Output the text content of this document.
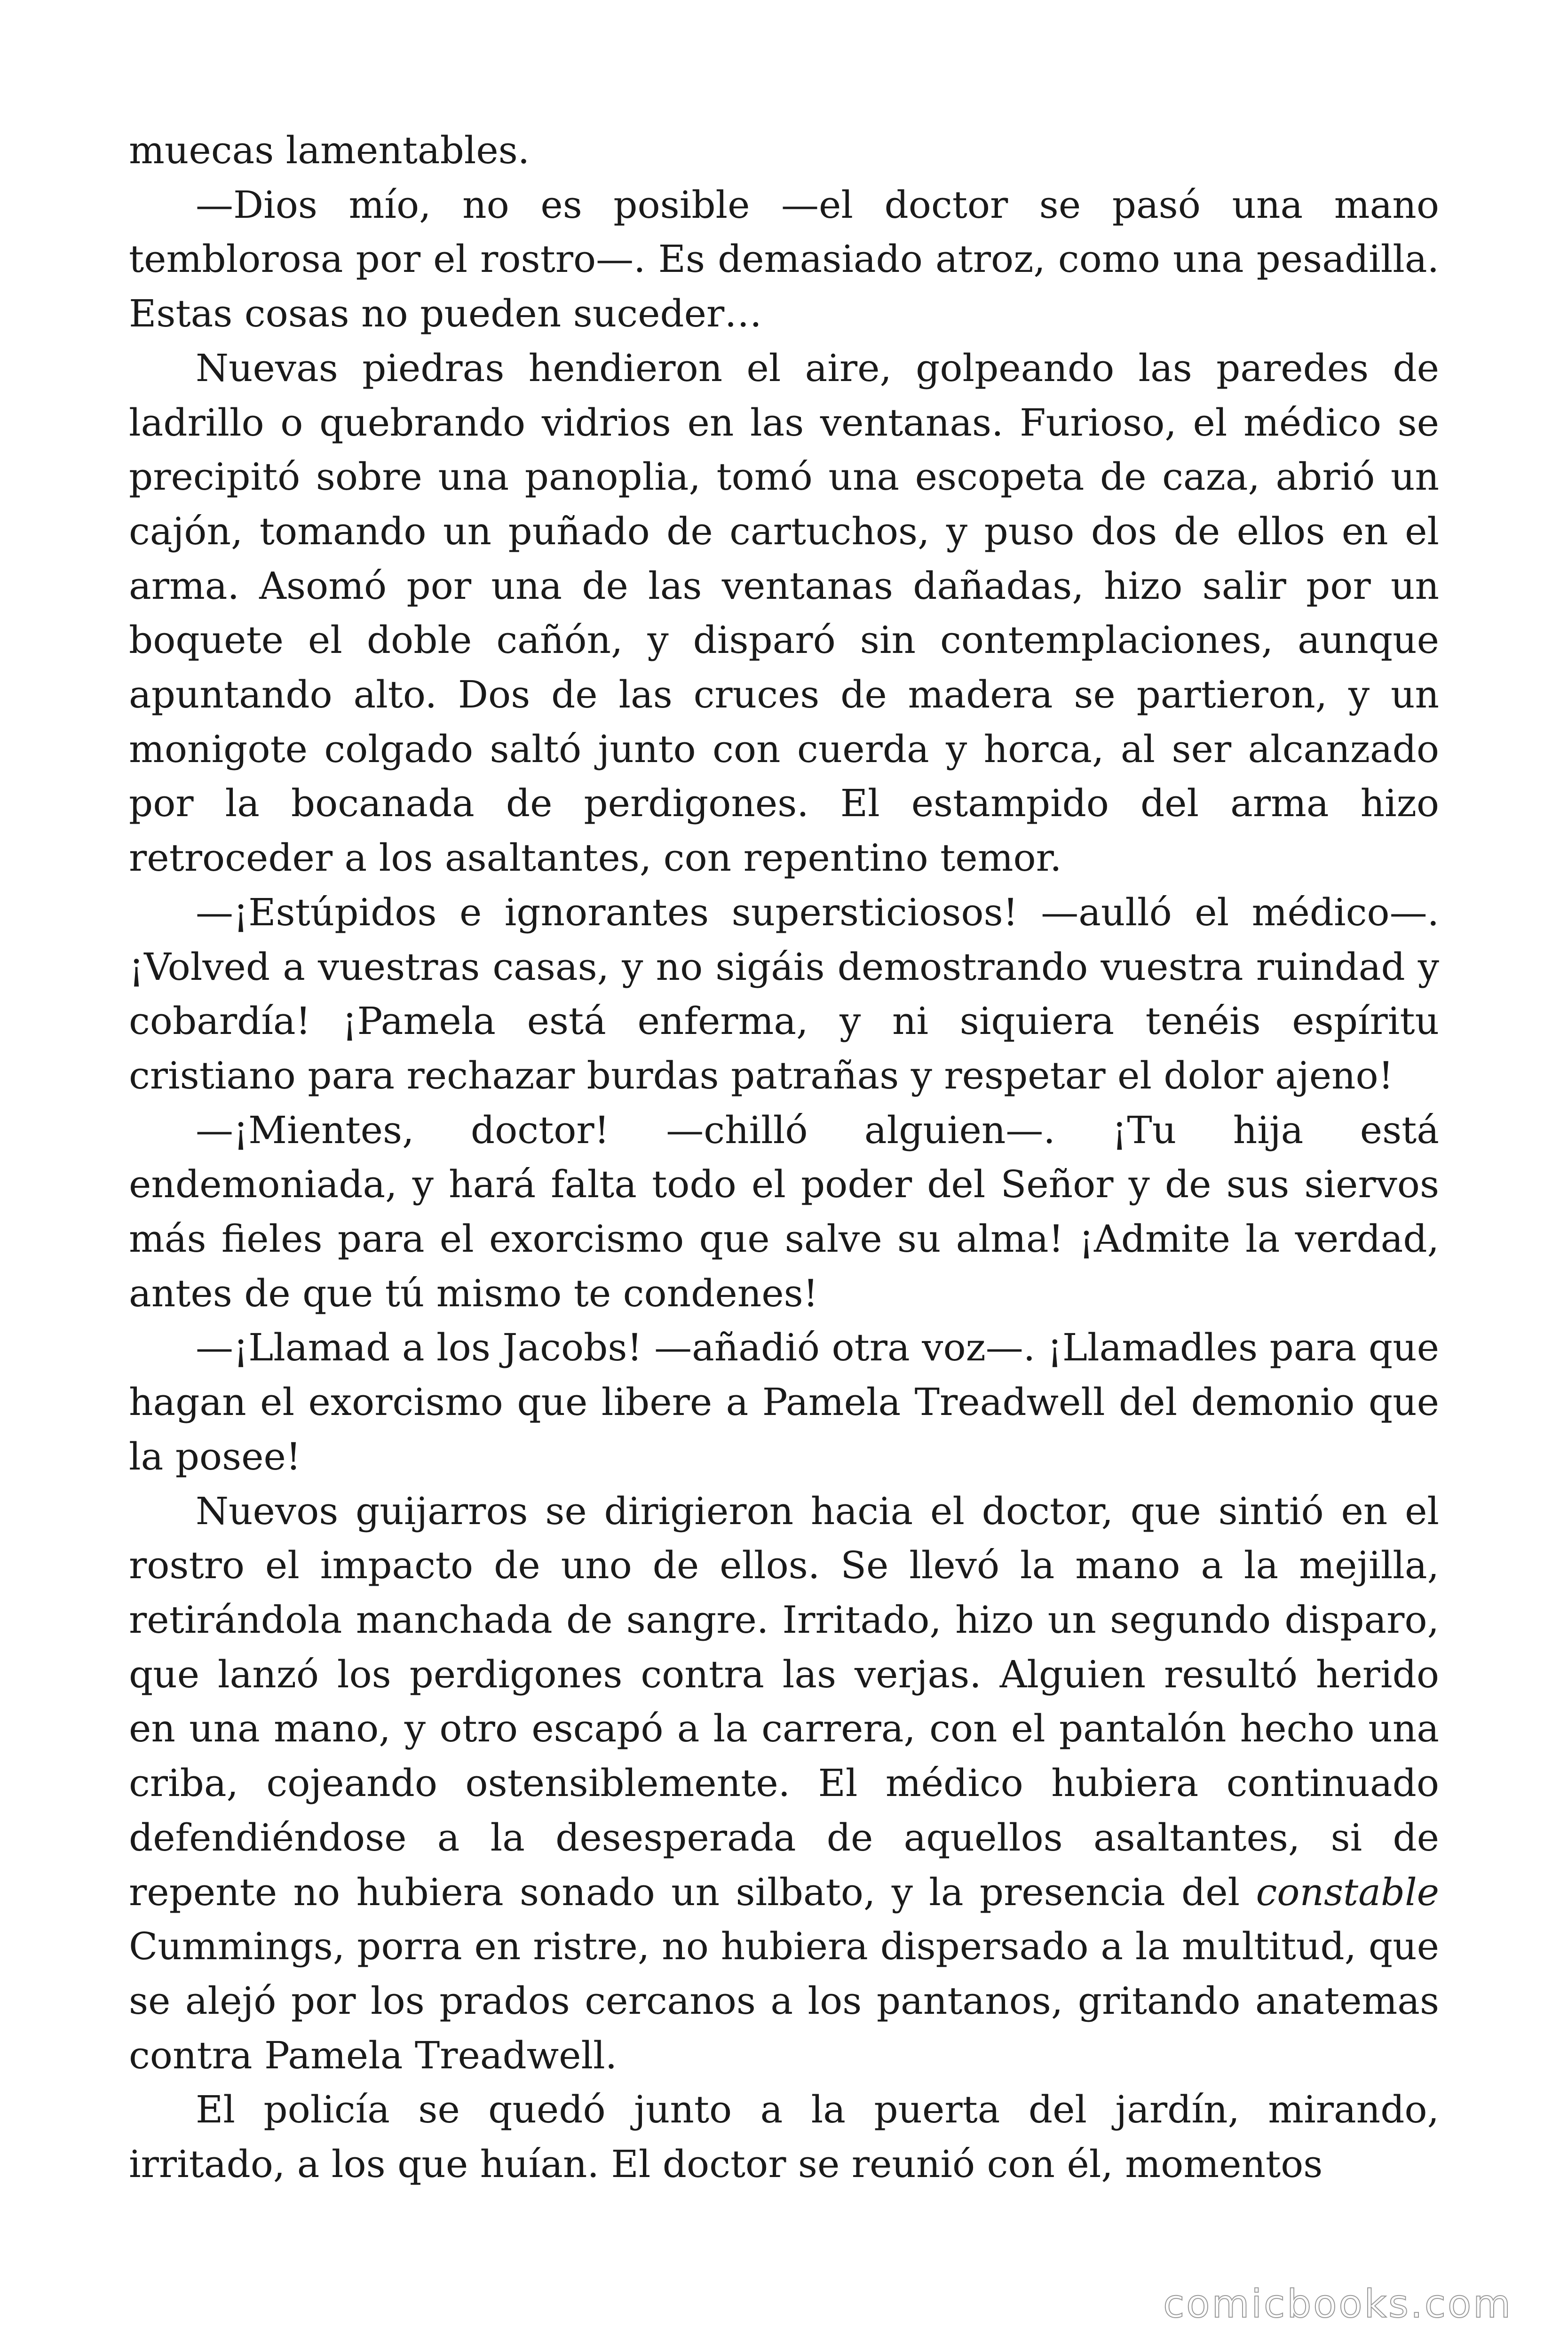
muecas lamentables.

—Dios mío, no es posible —el doctor se pasó una mano temblorosa por el rostro—. Es demasiado atroz, como una pesadilla. Estas cosas no pueden suceder…

Nuevas piedras hendieron el aire, golpeando las paredes de ladrillo o quebrando vidrios en las ventanas. Furioso, el médico se precipitó sobre una panoplia, tomó una escopeta de caza, abrió un cajón, tomando un puñado de cartuchos, y puso dos de ellos en el arma. Asomó por una de las ventanas dañadas, hizo salir por un boquete el doble cañón, y disparó sin contemplaciones, aunque apuntando alto. Dos de las cruces de madera se partieron, y un monigote colgado saltó junto con cuerda y horca, al ser alcanzado por la bocanada de perdigones. El estampido del arma hizo retroceder a los asaltantes, con repentino temor.

—¡Estúpidos e ignorantes supersticiosos! —aulló el médico—. ¡Volved a vuestras casas, y no sigáis demostrando vuestra ruindad y cobardía! ¡Pamela está enferma, y ni siquiera tenéis espíritu cristiano para rechazar burdas patrañas y respetar el dolor ajeno!

—¡Mientes, doctor! —chilló alguien—. ¡Tu hija está endemoniada, y hará falta todo el poder del Señor y de sus siervos más fieles para el exorcismo que salve su alma! ¡Admite la verdad, antes de que tú mismo te condenes!

—¡Llamad a los Jacobs! —añadió otra voz—. ¡Llamadles para que hagan el exorcismo que libere a Pamela Treadwell del demonio que la posee!

Nuevos guijarros se dirigieron hacia el doctor, que sintió en el rostro el impacto de uno de ellos. Se llevó la mano a la mejilla, retirándola manchada de sangre. Irritado, hizo un segundo disparo, que lanzó los perdigones contra las verjas. Alguien resultó herido en una mano, y otro escapó a la carrera, con el pantalón hecho una criba, cojeando ostensiblemente. El médico hubiera continuado defendiéndose a la desesperada de aquellos asaltantes, si de repente no hubiera sonado un silbato, y la presencia del constable Cummings, porra en ristre, no hubiera dispersado a la multitud, que se alejó por los prados cercanos a los pantanos, gritando anatemas contra Pamela Treadwell.

El policía se quedó junto a la puerta del jardín, mirando, irritado, a los que huían. El doctor se reunió con él, momentos

comicbooks.com
